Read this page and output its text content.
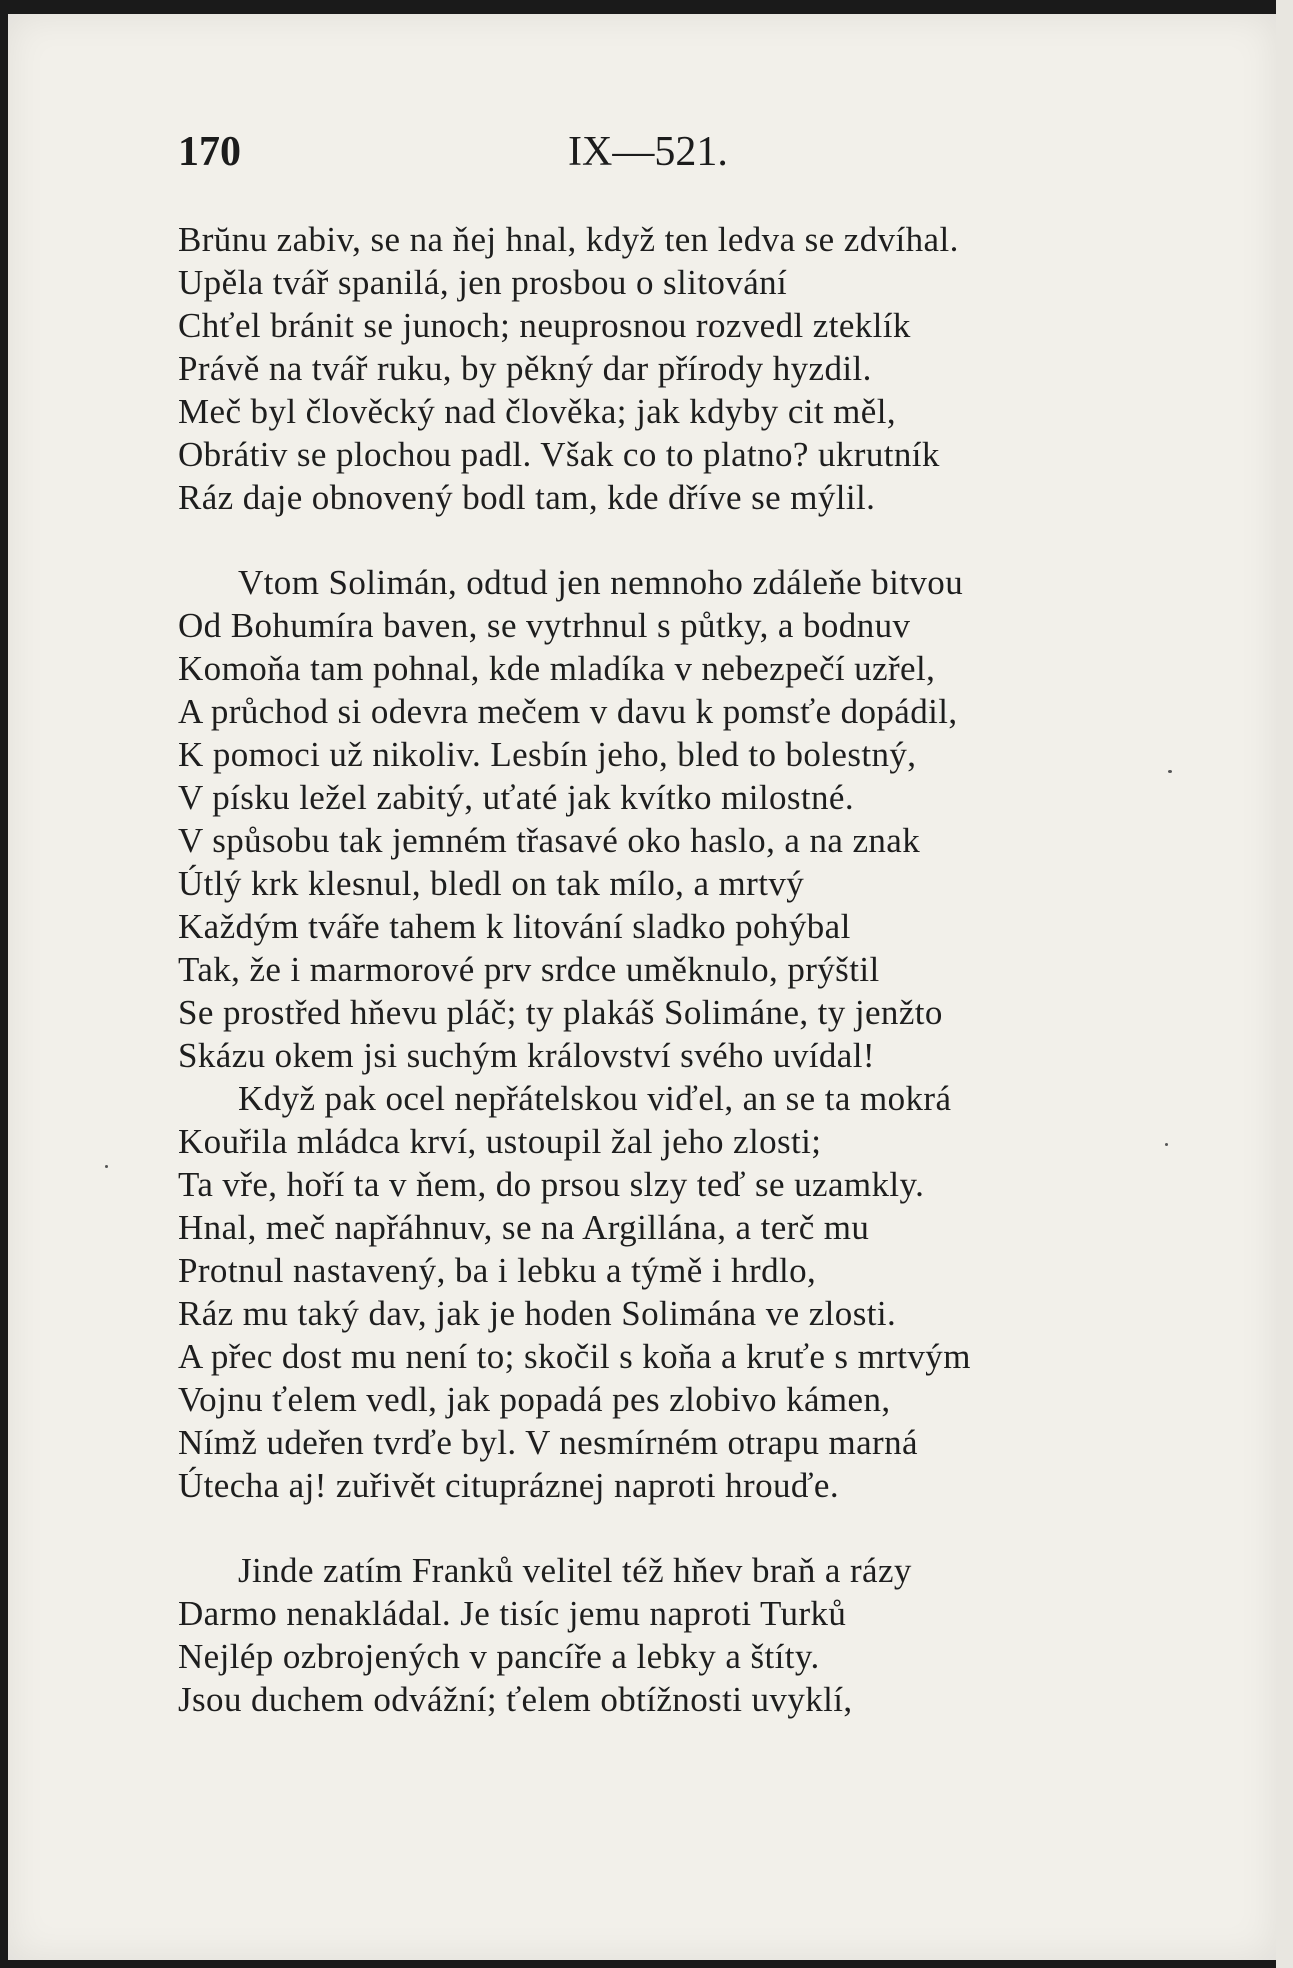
170	IX—521.
Brŭnu zabiv, se na ňej hnal, když ten ledva se zdvíhal.
Upěla tvář spanilá, jen prosbou o slitování
Chťel bránit se junoch; neuprosnou rozvedl zteklík
Právě na tvář ruku, by pěkný dar přírody hyzdil.
Meč byl člověcký nad člověka; jak kdyby cit měl,
Obrátiv se plochou padl. Však co to platno? ukrutník
Ráz daje obnovený bodl tam, kde dříve se mýlil.
Vtom Solimán, odtud jen nemnoho zdáleňe bitvou
Od Bohumíra baven, se vytrhnul s půtky, a bodnuv
Komoňa tam pohnal, kde mladíka v nebezpečí uzřel,
A průchod si odevra mečem v davu k pomsťe dopádil,
K pomoci už nikoliv. Lesbín jeho, bled to bolestný,
V písku ležel zabitý, uťaté jak kvítko milostné.
V spůsobu tak jemném třasavé oko haslo, a na znak
Útlý krk klesnul, bledl on tak mílo, a mrtvý
Každým tváře tahem k litování sladko pohýbal
Tak, že i marmorové prv srdce uměknulo, prýštil
Se prostřed hňevu pláč; ty plakáš Solimáne, ty jenžto
Skázu okem jsi suchým království svého uvídal!
Když pak ocel nepřátelskou viďel, an se ta mokrá
Kouřila mládca krví, ustoupil žal jeho zlosti;
Ta vře, hoří ta v ňem, do prsou slzy teď se uzamkly.
Hnal, meč napřáhnuv, se na Argillána, a terč mu
Protnul nastavený, ba i lebku a týmě i hrdlo,
Ráz mu taký dav, jak je hoden Solimána ve zlosti.
A přec dost mu není to; skočil s koňa a kruťe s mrtvým
Vojnu ťelem vedl, jak popadá pes zlobivo kámen,
Nímž udeřen tvrďe byl. V nesmírném otrapu marná
Útecha aj! zuřivět citupráznej naproti hrouďe.
Jinde zatím Franků velitel též hňev braň a rázy
Darmo nenakládal. Je tisíc jemu naproti Turků
Nejlép ozbrojených v pancíře a lebky a štíty.
Jsou duchem odvážní; ťelem obtížnosti uvyklí,
